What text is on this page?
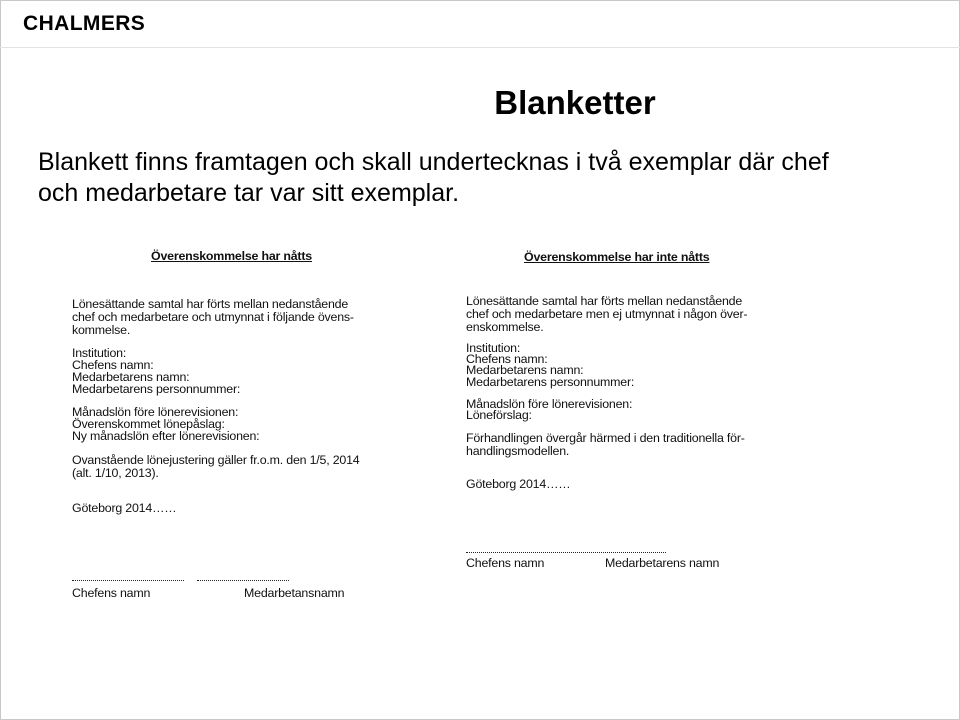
CHALMERS
Blanketter
Blankett finns framtagen och skall undertecknas i två exemplar där chef
och medarbetare tar var sitt exemplar.
Överenskommelse har nåtts
Lönesättande samtal har förts mellan nedanstående
chef och medarbetare och utmynnat i följande övens-
kommelse.
Institution:
Chefens namn:
Medarbetarens namn:
Medarbetarens personnummer:
Månadslön före lönerevisionen:
Överenskommet lönepåslag:
Ny månadslön efter lönerevisionen:
Ovanstående lönejustering gäller fr.o.m. den 1/5, 2014
(alt. 1/10, 2013).
Göteborg 2014……
Chefens namn	Medarbetansnamn
Överenskommelse har inte nåtts
Lönesättande samtal har förts mellan nedanstående
chef och medarbetare men ej utmynnat i någon över-
enskommelse.
Institution:
Chefens namn:
Medarbetarens namn:
Medarbetarens personnummer:
Månadslön före lönerevisionen:
Löneförslag:
Förhandlingen övergår härmed i den traditionella för-
handlingsmodellen.
Göteborg 2014……
Chefens namn	Medarbetarens namn
